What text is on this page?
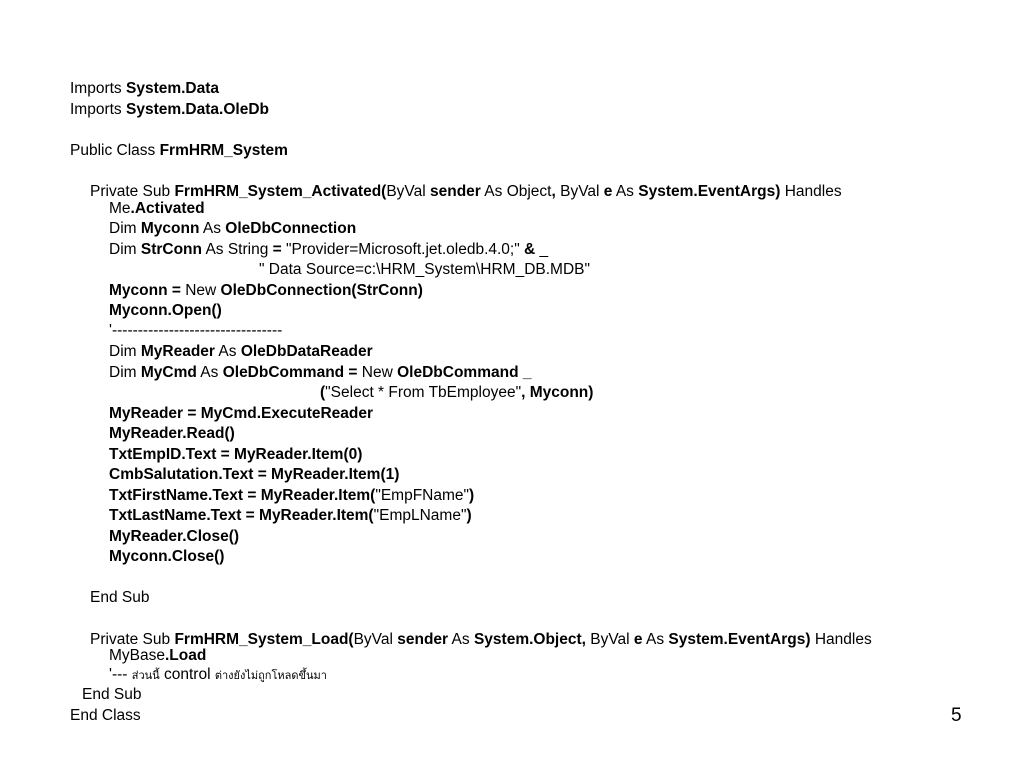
Imports System.Data
Imports System.Data.OleDb
Public Class FrmHRM_System
Private Sub FrmHRM_System_Activated(ByVal sender As Object, ByVal e As System.EventArgs) Handles
Me.Activated
Dim Myconn As OleDbConnection
Dim StrConn As String = "Provider=Microsoft.jet.oledb.4.0;" & _
" Data Source=c:\HRM_System\HRM_DB.MDB"
Myconn = New OleDbConnection(StrConn)
Myconn.Open()
'---------------------------------
Dim MyReader As OleDbDataReader
Dim MyCmd As OleDbCommand = New OleDbCommand _
("Select * From TbEmployee", Myconn)
MyReader = MyCmd.ExecuteReader
MyReader.Read()
TxtEmpID.Text = MyReader.Item(0)
CmbSalutation.Text = MyReader.Item(1)
TxtFirstName.Text = MyReader.Item("EmpFName")
TxtLastName.Text = MyReader.Item("EmpLName")
MyReader.Close()
Myconn.Close()
End Sub
Private Sub FrmHRM_System_Load(ByVal sender As System.Object, ByVal e As System.EventArgs) Handles
MyBase.Load
'--- ส่วนนี้ control ต่างยังไม่ถูกโหลดขึ้นมา
End Sub
End Class	5
